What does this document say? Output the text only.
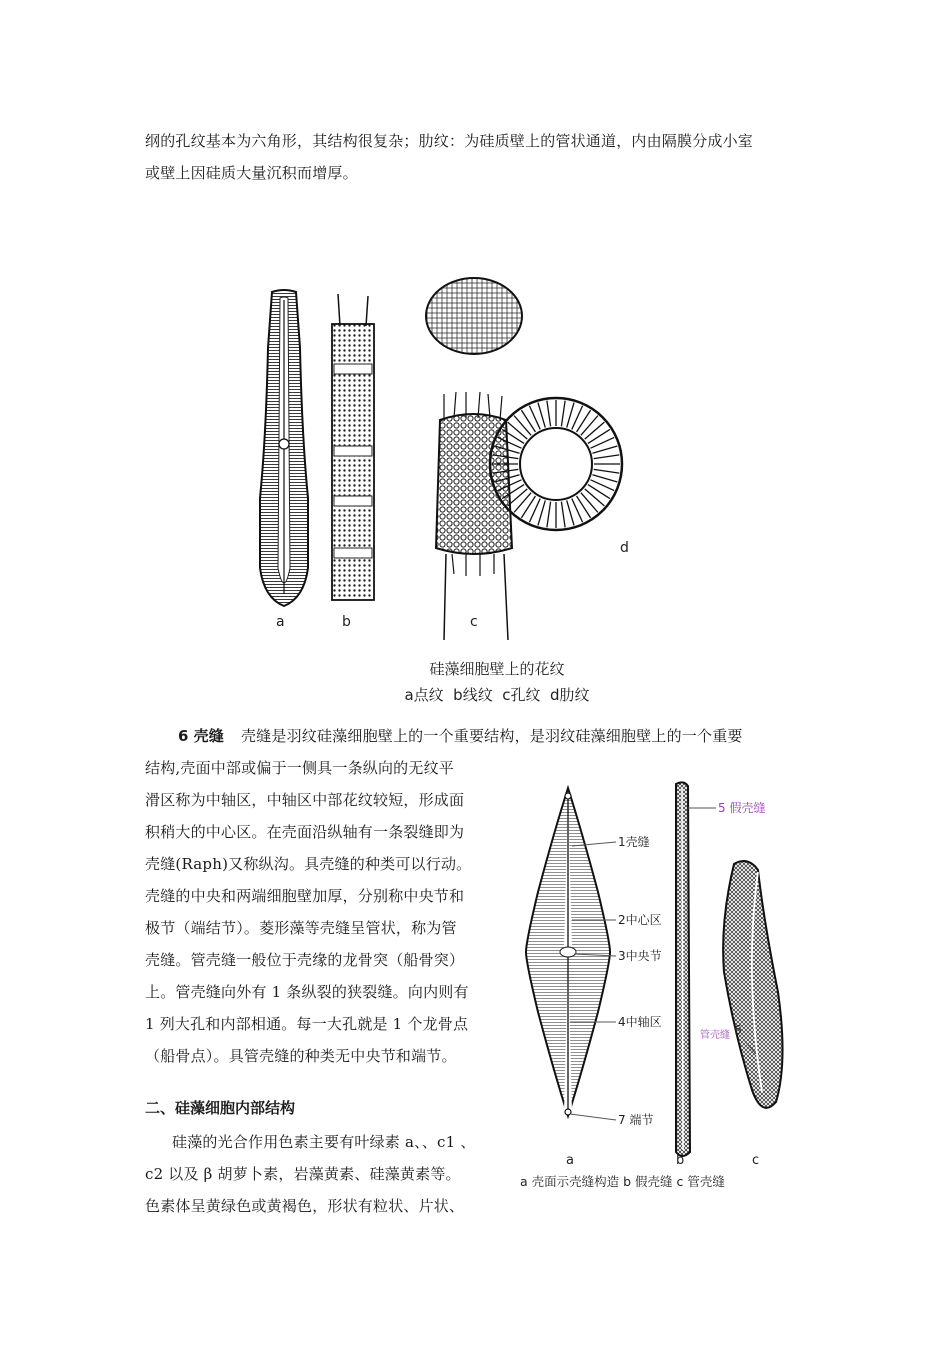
纲的孔纹基本为六角形，其结构很复杂；肋纹：为硅质壁上的管状通道，内由隔膜分成小室
或壁上因硅质大量沉积而增厚。
a	b	c
d
硅藻细胞壁上的花纹
a点纹  b线纹  c孔纹  d肋纹
6 壳缝 壳缝是羽纹硅藻细胞壁上的一个重要结构，是羽纹硅藻细胞壁上的一个重要
结构,壳面中部或偏于一侧具一条纵向的无纹平
滑区称为中轴区，中轴区中部花纹较短，形成面
积稍大的中心区。在壳面沿纵轴有一条裂缝即为
壳缝(Raph)又称纵沟。具壳缝的种类可以行动。
壳缝的中央和两端细胞壁加厚，分别称中央节和
极节（端结节）。菱形藻等壳缝呈管状，称为管
壳缝。管壳缝一般位于壳缘的龙骨突（船骨突）
上。管壳缝向外有 1 条纵裂的狭裂缝。向内则有
1 列大孔和内部相通。每一大孔就是 1 个龙骨点
（船骨点）。具管壳缝的种类无中央节和端节。
二、硅藻细胞内部结构
硅藻的光合作用色素主要有叶绿素 a、、c1 、
c2 以及 β 胡萝卜素，岩藻黄素、硅藻黄素等。
色素体呈黄绿色或黄褐色，形状有粒状、片状、
5 假壳缝
1壳缝
2中心区
3中央节
4中轴区
6
管壳缝
7 端节
a	b	c
a 壳面示壳缝构造 b 假壳缝 c 管壳缝
